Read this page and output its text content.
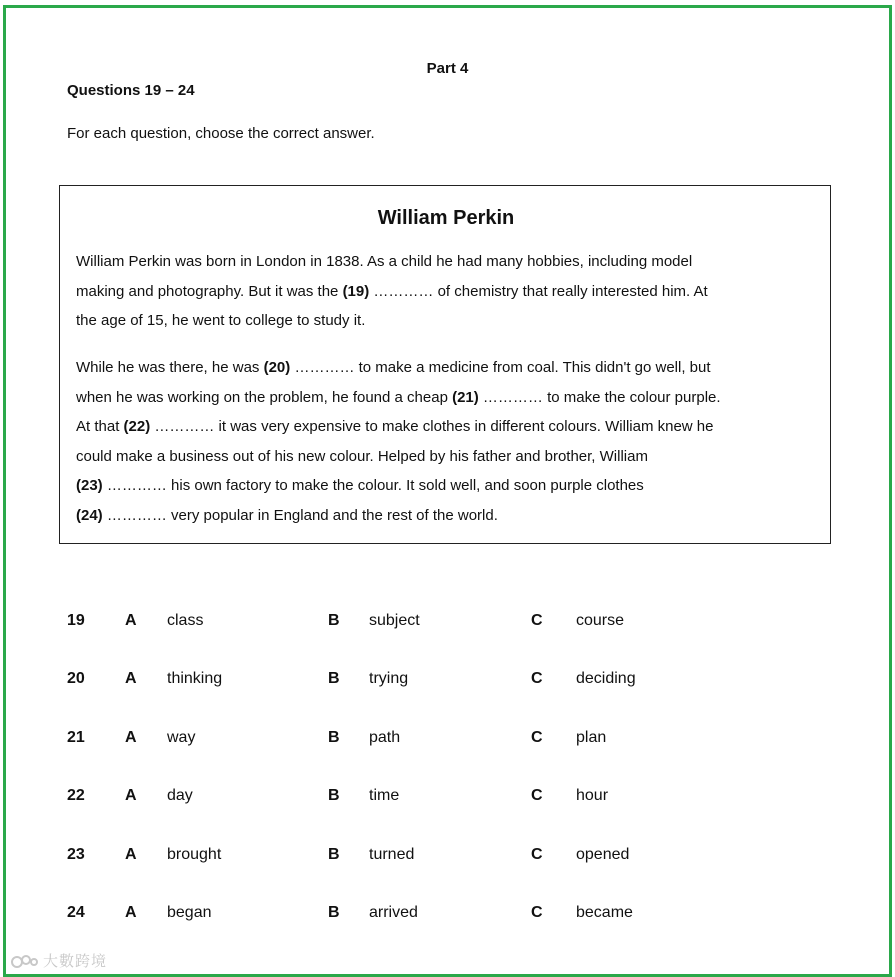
Part 4
Questions 19 – 24
For each question, choose the correct answer.
William Perkin
William Perkin was born in London in 1838. As a child he had many hobbies, including model
making and photography. But it was the (19) ………… of chemistry that really interested him. At
the age of 15, he went to college to study it.
While he was there, he was (20) ………… to make a medicine from coal. This didn't go well, but
when he was working on the problem, he found a cheap (21) ………… to make the colour purple.
At that (22) ………… it was very expensive to make clothes in different colours. William knew he
could make a business out of his new colour. Helped by his father and brother, William
(23) ………… his own factory to make the colour. It sold well, and soon purple clothes
(24) ………… very popular in England and the rest of the world.
19	A class	B subject	C course
20	A thinking	B trying	C deciding
21	A way	B path	C plan
22	A day	B time	C hour
23	A brought	B turned	C opened
24	A began	B arrived	C became
大數跨境
